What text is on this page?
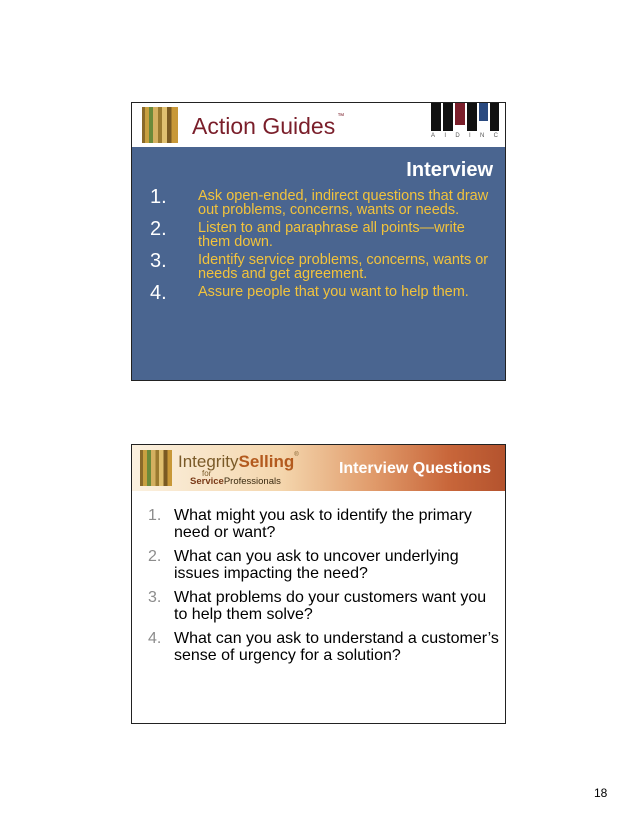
Action Guides ™
A I D I N C
Interview
1. Ask open-ended, indirect questions that draw out problems, concerns, wants or needs.
2. Listen to and paraphrase all points—write them down.
3. Identify service problems, concerns, wants or needs and get agreement.
4. Assure people that you want to help them.
IntegritySelling®
for
ServiceProfessionals
Interview Questions
1. What might you ask to identify the primary need or want?
2. What can you ask to uncover underlying issues impacting the need?
3. What problems do your customers want you to help them solve?
4. What can you ask to understand a customer’s sense of urgency for a solution?
18
